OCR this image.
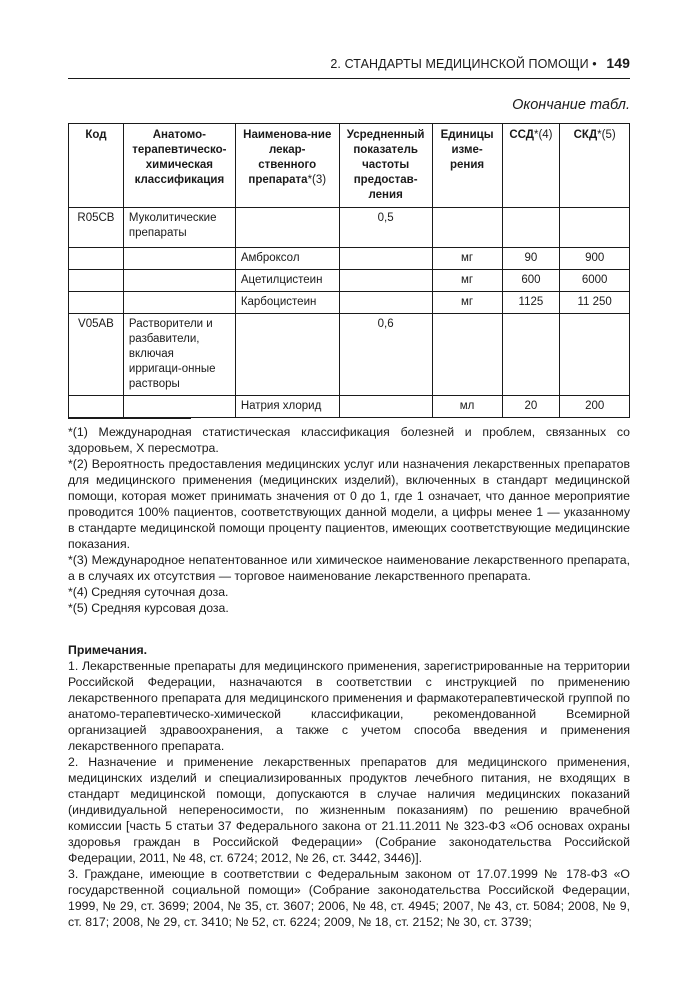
2. СТАНДАРТЫ МЕДИЦИНСКОЙ ПОМОЩИ • 149
Окончание табл.
Код	Анатомо-терапевтическо-химическая классификация	Наименова-ние лекар-ственного препарата*(3)	Усредненный показатель частоты предостав-ления	Единицы изме-рения	ССД*(4)	СКД*(5)
R05CB	Муколитические препараты		0,5			
		Амброксол		мг	90	900
		Ацетилцистеин		мг	600	6000
		Карбоцистеин		мг	1125	11 250
V05AB	Растворители и разбавители, включая ирригаци-онные растворы		0,6			
		Натрия хлорид		мл	20	200

*(1) Международная статистическая классификация болезней и проблем, связанных со здоровьем, X пересмотра.

*(2) Вероятность предоставления медицинских услуг или назначения лекарственных препаратов для медицинского применения (медицинских изделий), включенных в стандарт медицинской помощи, которая может принимать значения от 0 до 1, где 1 означает, что данное мероприятие проводится 100% пациентов, соответствующих данной модели, а цифры менее 1 — указанному в стандарте медицинской помощи проценту пациентов, имеющих соответствующие медицинские показания.

*(3) Международное непатентованное или химическое наименование лекарственного препарата, а в случаях их отсутствия — торговое наименование лекарственного препарата.

*(4) Средняя суточная доза.

*(5) Средняя курсовая доза.

Примечания.

1. Лекарственные препараты для медицинского применения, зарегистрированные на территории Российской Федерации, назначаются в соответствии с инструкцией по применению лекарственного препарата для медицинского применения и фармакотерапевтической группой по анатомо-терапевтическо-химической классификации, рекомендованной Всемирной организацией здравоохранения, а также с учетом способа введения и применения лекарственного препарата.

2. Назначение и применение лекарственных препаратов для медицинского применения, медицинских изделий и специализированных продуктов лечебного питания, не входящих в стандарт медицинской помощи, допускаются в случае наличия медицинских показаний (индивидуальной непереносимости, по жизненным показаниям) по решению врачебной комиссии [часть 5 статьи 37 Федерального закона от 21.11.2011 № 323-ФЗ «Об основах охраны здоровья граждан в Российской Федерации» (Собрание законодательства Российской Федерации, 2011, № 48, ст. 6724; 2012, № 26, ст. 3442, 3446)].

3. Граждане, имеющие в соответствии с Федеральным законом от 17.07.1999 № 178-ФЗ «О государственной социальной помощи» (Собрание законодательства Российской Федерации, 1999, № 29, ст. 3699; 2004, № 35, ст. 3607; 2006, № 48, ст. 4945; 2007, № 43, ст. 5084; 2008, № 9, ст. 817; 2008, № 29, ст. 3410; № 52, ст. 6224; 2009, № 18, ст. 2152; № 30, ст. 3739;
